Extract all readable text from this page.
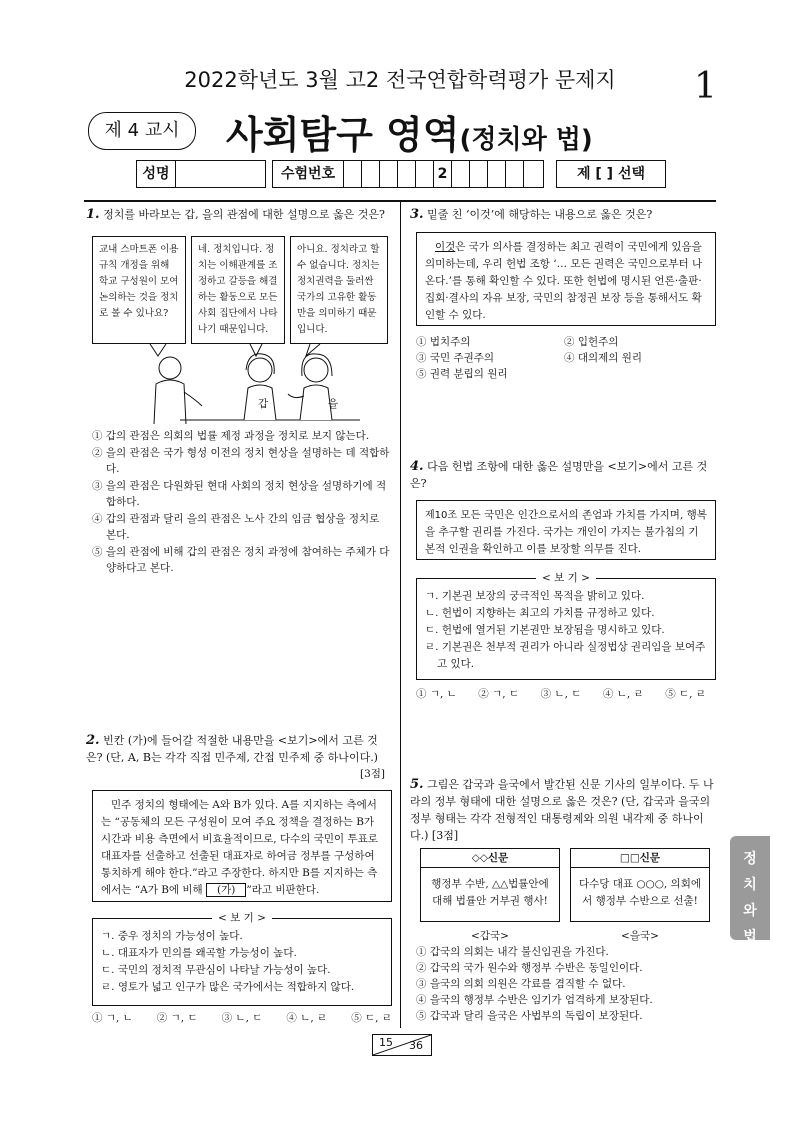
2022학년도 3월 고2 전국연합학력평가 문제지	1
제 4 교시	사회탐구 영역(정치와 법)
성명	수험번호	2	제 [ ] 선택
1. 정치를 바라보는 갑, 을의 관점에 대한 설명으로 옳은 것은?
교내 스마트폰 이용 규칙 개정을 위해 학교 구성원이 모여 논의하는 것을 정치로 볼 수 있나요?
네. 정치입니다. 정치는 이해관계를 조정하고 갈등을 해결하는 활동으로 모든 사회 집단에서 나타나기 때문입니다.
아니요. 정치라고 할 수 없습니다. 정치는 정치권력을 둘러싼 국가의 고유한 활동만을 의미하기 때문입니다.
갑	을
① 갑의 관점은 의회의 법률 제정 과정을 정치로 보지 않는다.
② 을의 관점은 국가 형성 이전의 정치 현상을 설명하는 데 적합하다.
③ 을의 관점은 다원화된 현대 사회의 정치 현상을 설명하기에 적합하다.
④ 갑의 관점과 달리 을의 관점은 노사 간의 임금 협상을 정치로 본다.
⑤ 을의 관점에 비해 갑의 관점은 정치 과정에 참여하는 주체가 다양하다고 본다.
2. 빈칸 (가)에 들어갈 적절한 내용만을 <보기>에서 고른 것은? (단, A, B는 각각 직접 민주제, 간접 민주제 중 하나이다.)
[3점]
민주 정치의 형태에는 A와 B가 있다. A를 지지하는 측에서는 “공동체의 모든 구성원이 모여 주요 정책을 결정하는 B가 시간과 비용 측면에서 비효율적이므로, 다수의 국민이 투표로 대표자를 선출하고 선출된 대표자로 하여금 정부를 구성하여 통치하게 해야 한다.”라고 주장한다. 하지만 B를 지지하는 측에서는 “A가 B에 비해 (가) ”라고 비판한다.
< 보 기 >
ㄱ. 중우 정치의 가능성이 높다.
ㄴ. 대표자가 민의를 왜곡할 가능성이 높다.
ㄷ. 국민의 정치적 무관심이 나타날 가능성이 높다.
ㄹ. 영토가 넓고 인구가 많은 국가에서는 적합하지 않다.
① ㄱ, ㄴ ② ㄱ, ㄷ ③ ㄴ, ㄷ ④ ㄴ, ㄹ ⑤ ㄷ, ㄹ
3. 밑줄 친 ‘이것’에 해당하는 내용으로 옳은 것은?
이것은 국가 의사를 결정하는 최고 권력이 국민에게 있음을 의미하는데, 우리 헌법 조항 ‘… 모든 권력은 국민으로부터 나온다.’를 통해 확인할 수 있다. 또한 헌법에 명시된 언론·출판·집회·결사의 자유 보장, 국민의 참정권 보장 등을 통해서도 확인할 수 있다.
① 법치주의	② 입헌주의
③ 국민 주권주의	④ 대의제의 원리
⑤ 권력 분립의 원리
4. 다음 헌법 조항에 대한 옳은 설명만을 <보기>에서 고른 것은?
제10조 모든 국민은 인간으로서의 존엄과 가치를 가지며, 행복을 추구할 권리를 가진다. 국가는 개인이 가지는 불가침의 기본적 인권을 확인하고 이를 보장할 의무를 진다.
< 보 기 >
ㄱ. 기본권 보장의 궁극적인 목적을 밝히고 있다.
ㄴ. 헌법이 지향하는 최고의 가치를 규정하고 있다.
ㄷ. 헌법에 열거된 기본권만 보장됨을 명시하고 있다.
ㄹ. 기본권은 천부적 권리가 아니라 실정법상 권리임을 보여주고 있다.
① ㄱ, ㄴ ② ㄱ, ㄷ ③ ㄴ, ㄷ ④ ㄴ, ㄹ ⑤ ㄷ, ㄹ
5. 그림은 갑국과 을국에서 발간된 신문 기사의 일부이다. 두 나라의 정부 형태에 대한 설명으로 옳은 것은? (단, 갑국과 을국의 정부 형태는 각각 전형적인 대통령제와 의원 내각제 중 하나이다.) [3점]
◇◇신문
행정부 수반, △△법률안에 대해 법률안 거부권 행사!
<갑국>
□□신문
다수당 대표 ○○○, 의회에서 행정부 수반으로 선출!
<을국>
① 갑국의 의회는 내각 불신임권을 가진다.
② 갑국의 국가 원수와 행정부 수반은 동일인이다.
③ 을국의 의회 의원은 각료를 겸직할 수 없다.
④ 을국의 행정부 수반은 임기가 엄격하게 보장된다.
⑤ 갑국과 달리 을국은 사법부의 독립이 보장된다.
정
치
와
법
15 36
